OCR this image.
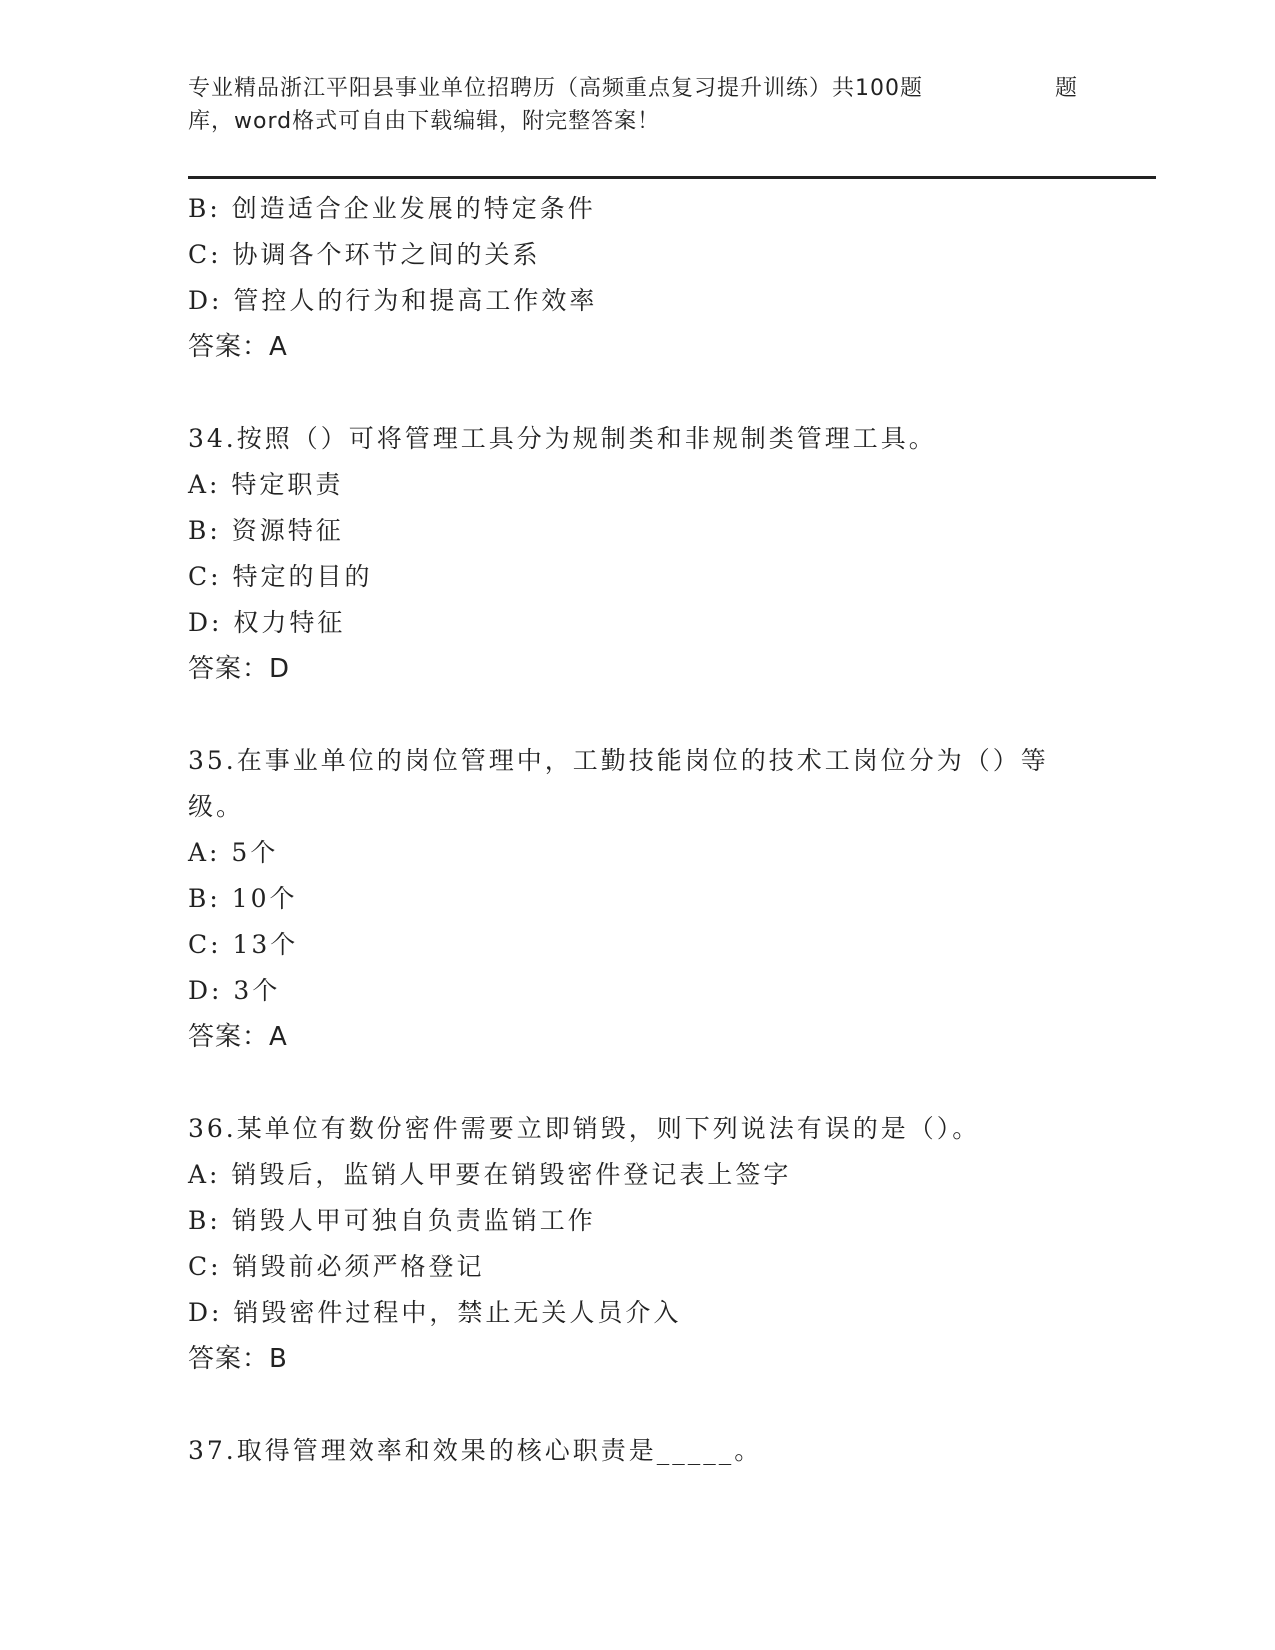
专业精品浙江平阳县事业单位招聘历（高频重点复习提升训练）共100题	题
库，word格式可自由下载编辑，附完整答案！
B: 创造适合企业发展的特定条件
C: 协调各个环节之间的关系
D: 管控人的行为和提高工作效率
答案：A
34.按照（）可将管理工具分为规制类和非规制类管理工具。
A: 特定职责
B: 资源特征
C: 特定的目的
D: 权力特征
答案：D
35.在事业单位的岗位管理中，工勤技能岗位的技术工岗位分为（）等
级。
A: 5个
B: 10个
C: 13个
D: 3个
答案：A
36.某单位有数份密件需要立即销毁，则下列说法有误的是（）。
A: 销毁后，监销人甲要在销毁密件登记表上签字
B: 销毁人甲可独自负责监销工作
C: 销毁前必须严格登记
D: 销毁密件过程中，禁止无关人员介入
答案：B
37.取得管理效率和效果的核心职责是_____。
